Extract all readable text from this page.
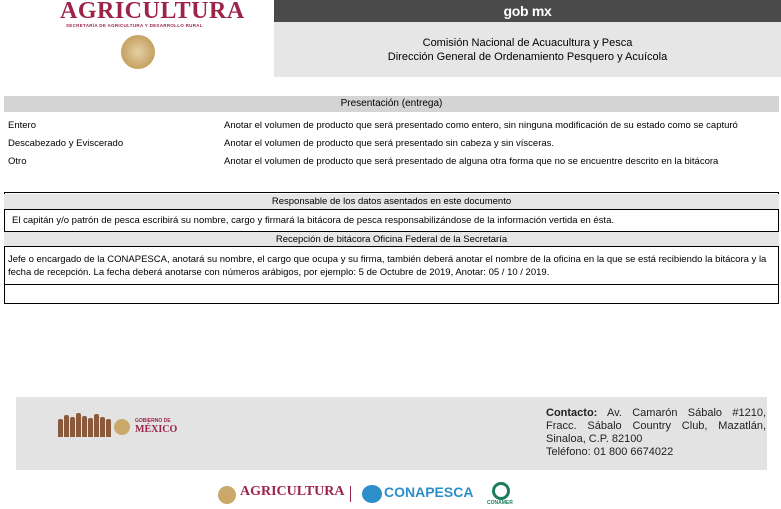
AGRICULTURA
SECRETARÍA DE AGRICULTURA Y DESARROLLO RURAL
gob mx
Comisión Nacional de Acuacultura y Pesca
Dirección General de Ordenamiento Pesquero y Acuícola
Presentación (entrega)
Entero	Anotar el volumen de producto que será presentado como entero, sin ninguna modificación de su estado como se capturó
Descabezado y Eviscerado	Anotar el volumen de producto que será presentado sin cabeza y sin vísceras.
Otro	Anotar el volumen de producto que será presentado de alguna otra forma que no se encuentre descrito en la bitácora
Responsable de los datos asentados en este documento
El capitán y/o patrón de pesca escribirá su nombre, cargo y firmará la bitácora de pesca responsabilizándose de la información vertida en ésta.
Recepción de bitácora Oficina Federal de la Secretaría
Jefe o encargado de la CONAPESCA, anotará su nombre, el cargo que ocupa y su firma, también deberá anotar el nombre de la oficina en la que se está recibiendo la bitácora y la fecha de recepción. La fecha deberá anotarse con números arábigos, por ejemplo: 5 de Octubre de 2019, Anotar: 05 / 10 / 2019.
GOBIERNO DE
MÉXICO
Contacto: Av. Camarón Sábalo #1210, Fracc. Sábalo Country Club, Mazatlán, Sinaloa, C.P. 82100
Teléfono: 01 800 6674022
AGRICULTURA	CONAPESCA
CONAMER
